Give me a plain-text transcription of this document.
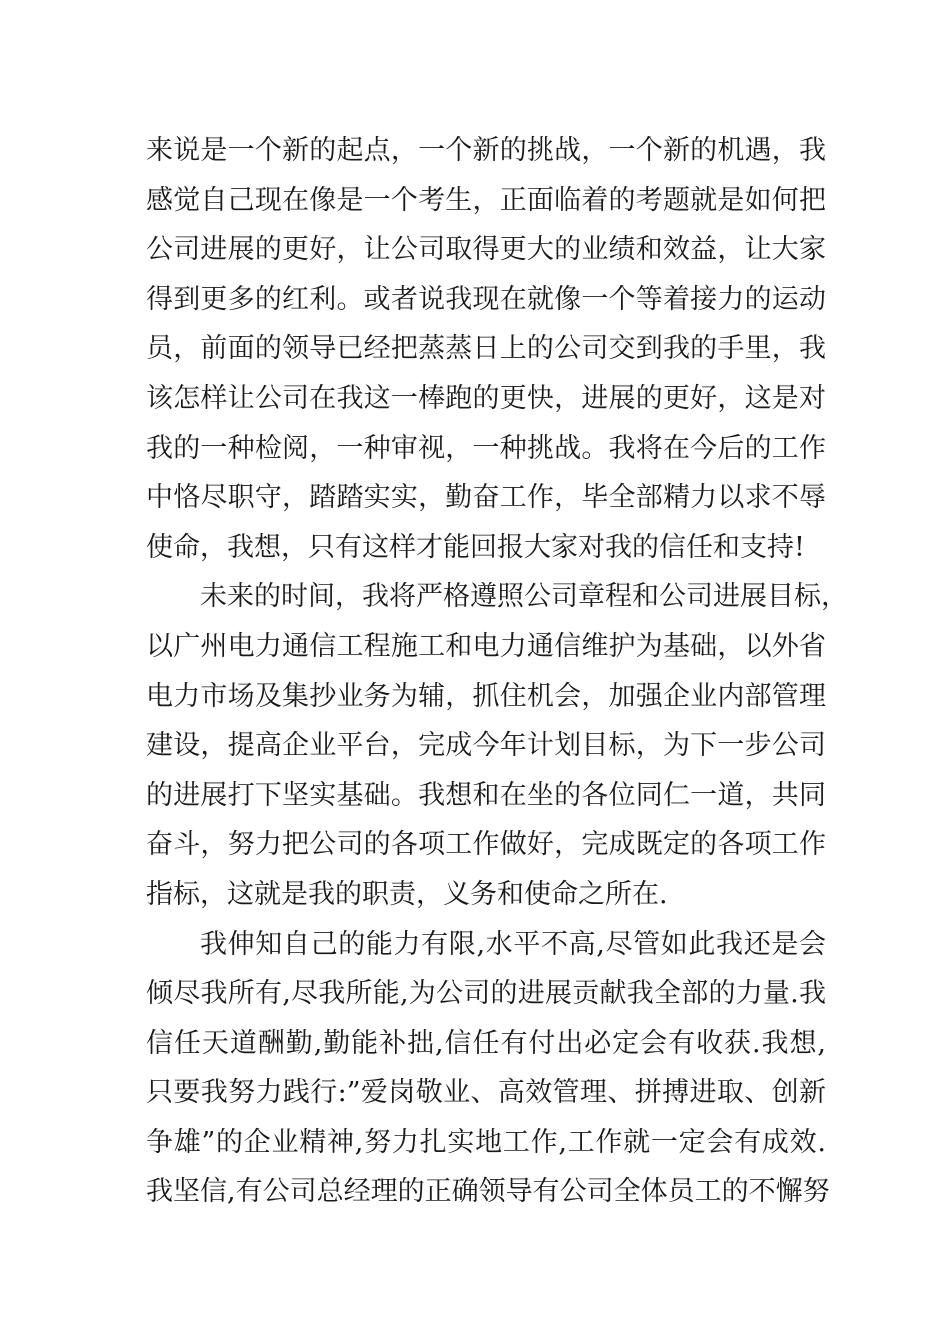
来说是一个新的起点，一个新的挑战，一个新的机遇，我
感觉自己现在像是一个考生，正面临着的考题就是如何把
公司进展的更好，让公司取得更大的业绩和效益，让大家
得到更多的红利。或者说我现在就像一个等着接力的运动
员，前面的领导已经把蒸蒸日上的公司交到我的手里，我
该怎样让公司在我这一棒跑的更快，进展的更好，这是对
我的一种检阅，一种审视，一种挑战。我将在今后的工作
中恪尽职守，踏踏实实，勤奋工作，毕全部精力以求不辱
使命，我想，只有这样才能回报大家对我的信任和支持!
未来的时间，我将严格遵照公司章程和公司进展目标，
以广州电力通信工程施工和电力通信维护为基础，以外省
电力市场及集抄业务为辅，抓住机会，加强企业内部管理
建设，提高企业平台，完成今年计划目标，为下一步公司
的进展打下坚实基础。我想和在坐的各位同仁一道，共同
奋斗，努力把公司的各项工作做好，完成既定的各项工作
指标，这就是我的职责，义务和使命之所在.
我伸知自己的能力有限,水平不高,尽管如此我还是会
倾尽我所有,尽我所能,为公司的进展贡献我全部的力量.我
信任天道酬勤,勤能补拙,信任有付出必定会有收获.我想,
只要我努力践行:”爱岗敬业、高效管理、拼搏进取、创新
争雄”的企业精神,努力扎实地工作,工作就一定会有成效.
我坚信,有公司总经理的正确领导有公司全体员工的不懈努
